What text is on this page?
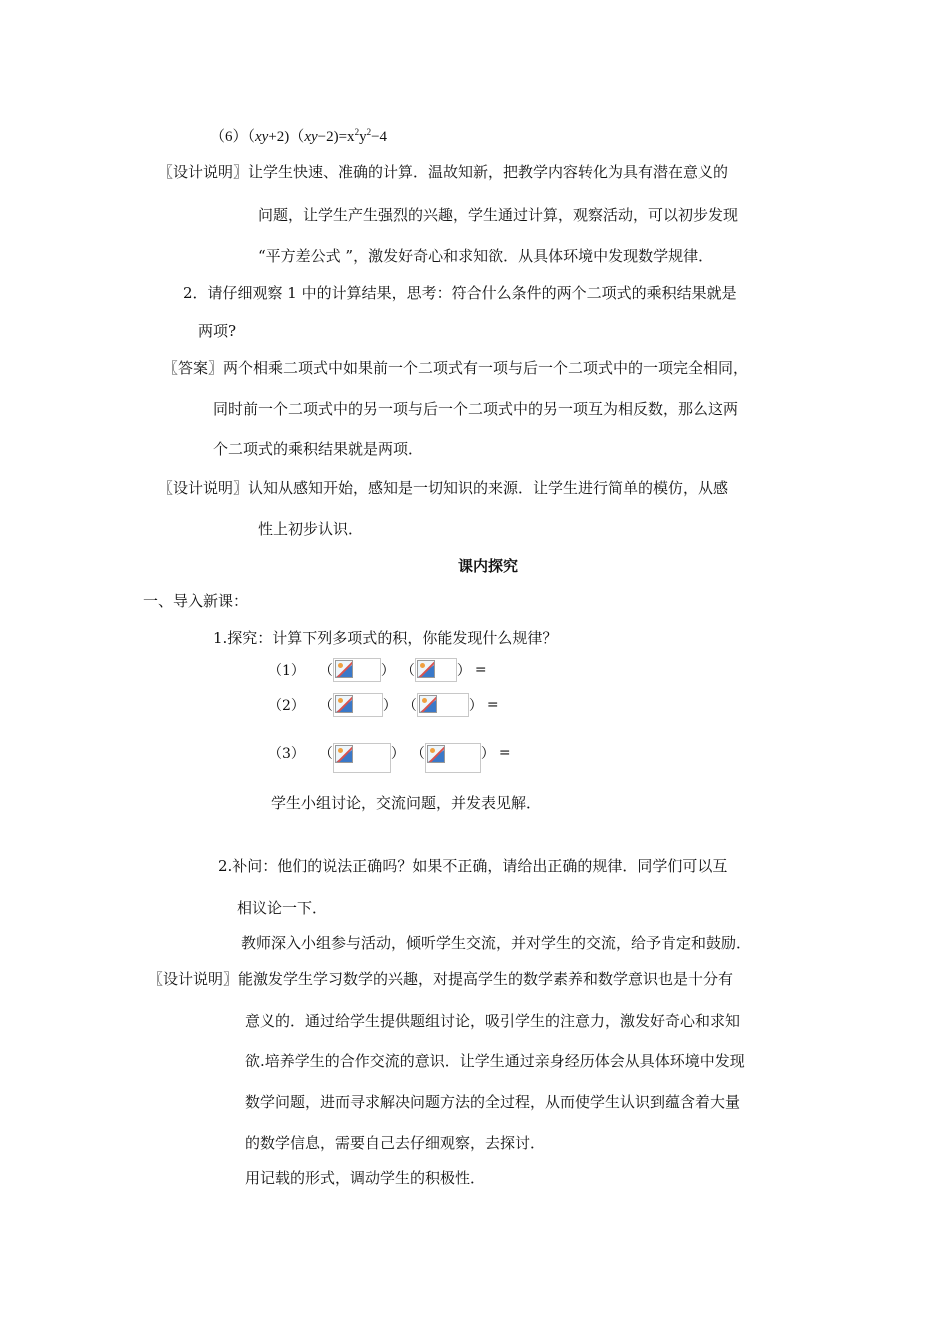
$(6)(xy+2)(xy-2)=x^2y^2-4$
〖设计说明〗让学生快速、准确的计算．温故知新，把教学内容转化为具有潜在意义的
问题，让学生产生强烈的兴趣，学生通过计算，观察活动，可以初步发现
“平方差公式 ”，激发好奇心和求知欲．从具体环境中发现数学规律．
2．请仔细观察 1 中的计算结果，思考：符合什么条件的两个二项式的乘积结果就是
两项?
〖答案〗两个相乘二项式中如果前一个二项式有一项与后一个二项式中的一项完全相同，
同时前一个二项式中的另一项与后一个二项式中的另一项互为相反数，那么这两
个二项式的乘积结果就是两项．
〖设计说明〗认知从感知开始，感知是一切知识的来源．让学生进行简单的模仿，从感
性上初步认识．
课内探究
一、导入新课：
1.探究：计算下列多项式的积，你能发现什么规律？
学生小组讨论，交流问题，并发表见解．
2.补问：他们的说法正确吗？如果不正确，请给出正确的规律．同学们可以互
相议论一下．
教师深入小组参与活动，倾听学生交流，并对学生的交流，给予肯定和鼓励．
〖设计说明〗能激发学生学习数学的兴趣，对提高学生的数学素养和数学意识也是十分有
意义的．通过给学生提供题组讨论，吸引学生的注意力，激发好奇心和求知
欲.培养学生的合作交流的意识．让学生通过亲身经历体会从具体环境中发现
数学问题，进而寻求解决问题方法的全过程，从而使学生认识到蕴含着大量
的数学信息，需要自己去仔细观察，去探讨．
用记载的形式，调动学生的积极性．
（1） （	） （	） =
（2） （	） （	） =
（3） （	） （	） =
